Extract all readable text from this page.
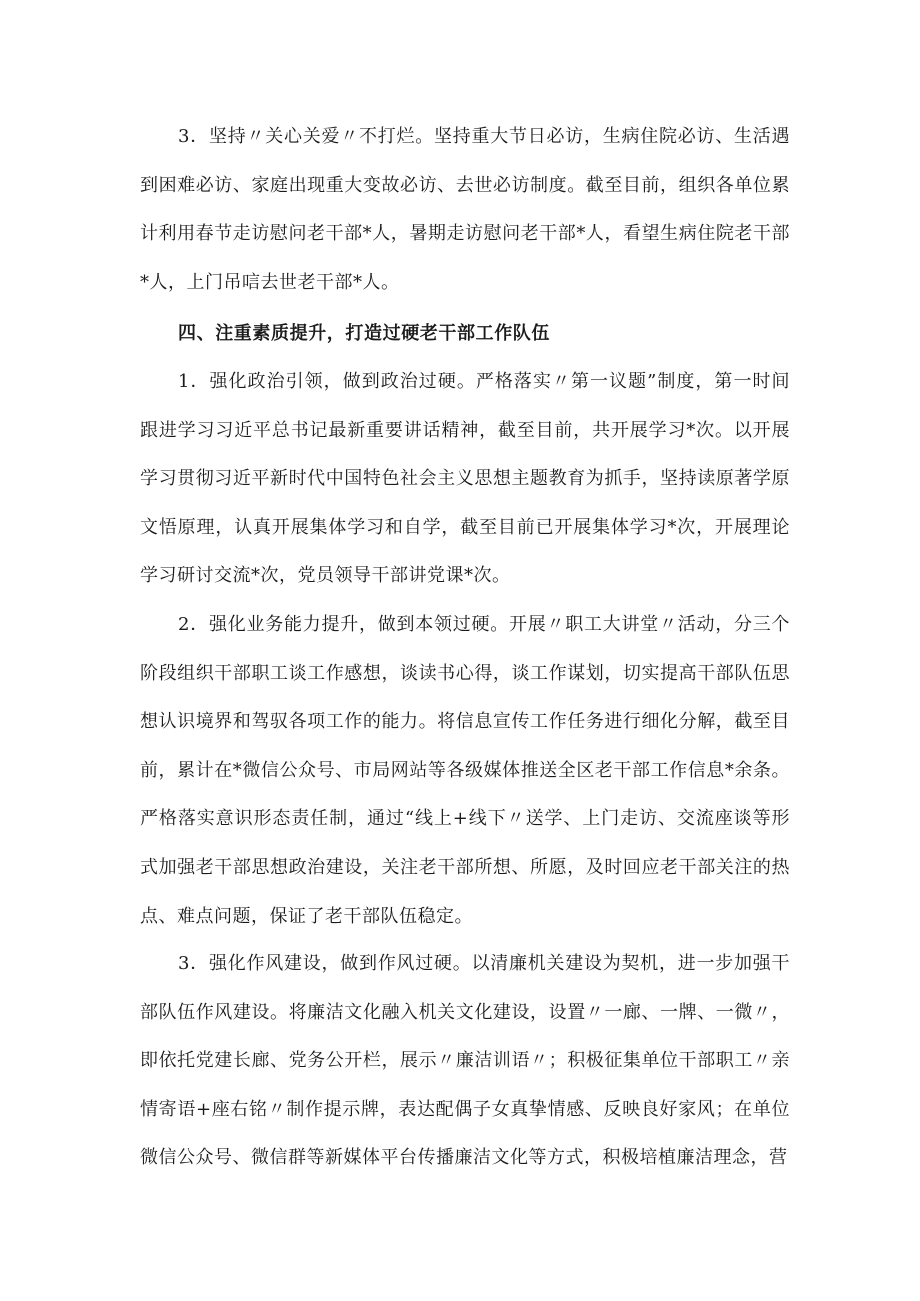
3．坚持〃关心关爱〃不打烂。坚持重大节日必访，生病住院必访、生活遇到困难必访、家庭出现重大变故必访、去世必访制度。截至目前，组织各单位累计利用春节走访慰问老干部*人，暑期走访慰问老干部*人，看望生病住院老干部*人，上门吊唁去世老干部*人。

四、注重素质提升，打造过硬老干部工作队伍

1．强化政治引领，做到政治过硬。严格落实〃第一议题”制度，第一时间跟进学习习近平总书记最新重要讲话精神，截至目前，共开展学习*次。以开展学习贯彻习近平新时代中国特色社会主义思想主题教育为抓手，坚持读原著学原文悟原理，认真开展集体学习和自学，截至目前已开展集体学习*次，开展理论学习研讨交流*次，党员领导干部讲党课*次。

2．强化业务能力提升，做到本领过硬。开展〃职工大讲堂〃活动，分三个阶段组织干部职工谈工作感想，谈读书心得，谈工作谋划，切实提高干部队伍思想认识境界和驾驭各项工作的能力。将信息宣传工作任务进行细化分解，截至目前，累计在*微信公众号、市局网站等各级媒体推送全区老干部工作信息*余条。严格落实意识形态责任制，通过“线上+线下〃送学、上门走访、交流座谈等形式加强老干部思想政治建设，关注老干部所想、所愿，及时回应老干部关注的热点、难点问题，保证了老干部队伍稳定。

3．强化作风建设，做到作风过硬。以清廉机关建设为契机，进一步加强干部队伍作风建设。将廉洁文化融入机关文化建设，设置〃一廊、一牌、一微〃，即依托党建长廊、党务公开栏，展示〃廉洁训语〃；积极征集单位干部职工〃亲情寄语+座右铭〃制作提示牌，表达配偶子女真挚情感、反映良好家风；在单位微信公众号、微信群等新媒体平台传播廉洁文化等方式，积极培植廉洁理念，营
